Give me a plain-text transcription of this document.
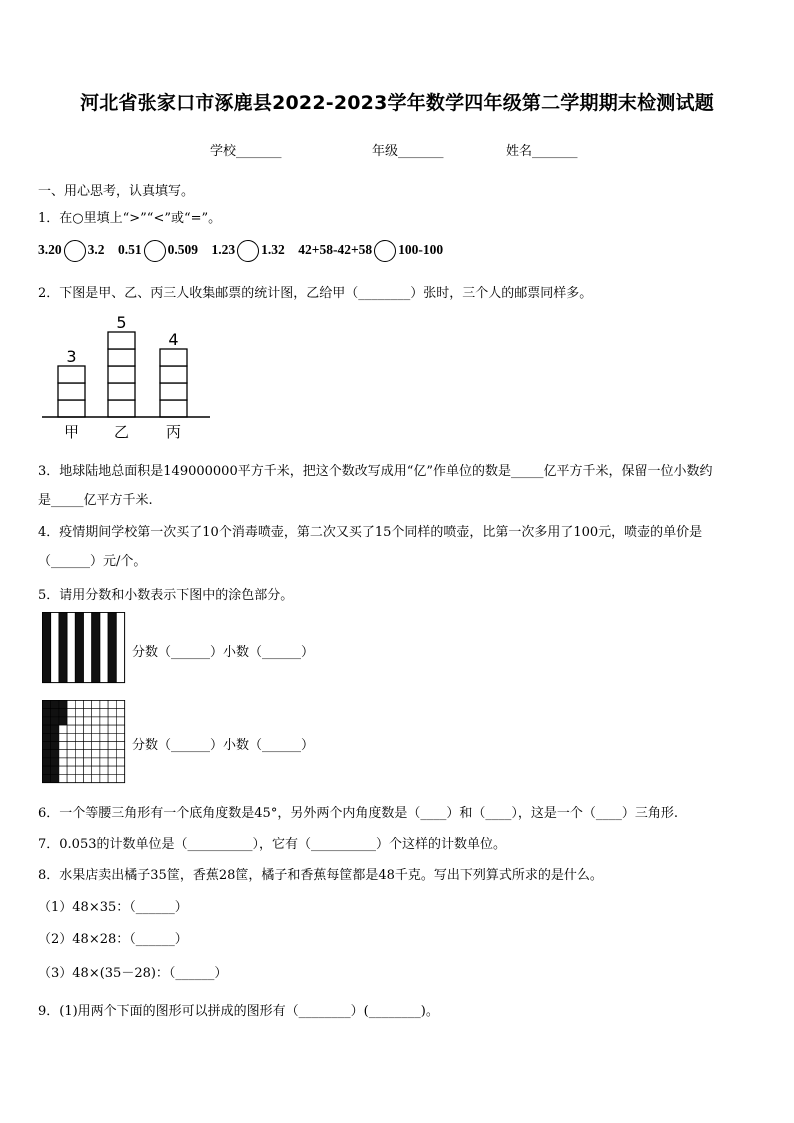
河北省张家口市涿鹿县2022-2023学年数学四年级第二学期期末检测试题
学校_______	年级_______	姓名_______
一、用心思考，认真填写。
1．在○里填上“>”“<”或“=”。
3.20 3.2 0.51 0.509 1.23 1.32 42+58-42+58 100-100
2．下图是甲、乙、丙三人收集邮票的统计图，乙给甲（________）张时，三个人的邮票同样多。
3
甲
5
乙
4
丙
3．地球陆地总面积是149000000平方千米，把这个数改写成用“亿”作单位的数是_____亿平方千米，保留一位小数约
是_____亿平方千米.
4．疫情期间学校第一次买了10个消毒喷壶，第二次又买了15个同样的喷壶，比第一次多用了100元，喷壶的单价是
（______）元/个。
5．请用分数和小数表示下图中的涂色部分。
分数（______）小数（______）
分数（______）小数（______）
6．一个等腰三角形有一个底角度数是45°，另外两个内角度数是（____）和（____），这是一个（____）三角形.
7．0.053的计数单位是（__________），它有（__________）个这样的计数单位。
8．水果店卖出橘子35筐，香蕉28筐，橘子和香蕉每筐都是48千克。写出下列算式所求的是什么。
（1）48×35：（______）
（2）48×28：（______）
（3）48×(35－28)：（______）
9．(1)用两个下面的图形可以拼成的图形有（________）(________)。
